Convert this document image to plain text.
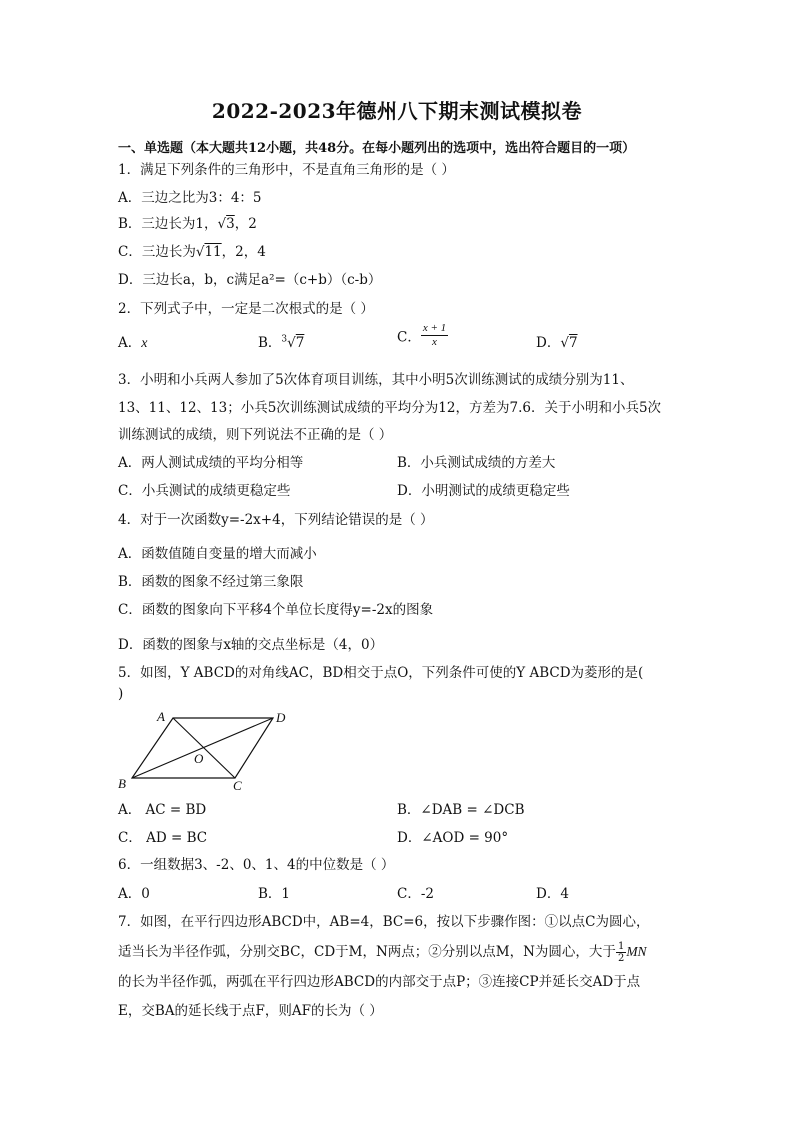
2022-2023年德州八下期末测试模拟卷
一、单选题（本大题共12小题，共48分。在每小题列出的选项中，选出符合题目的一项）
1．满足下列条件的三角形中，不是直角三角形的是（ ）
A．三边之比为3：4：5
B．三边长为1，√3，2
C．三边长为√11，2，4
D．三边长a，b，c满足a²=（c+b）（c-b）
2．下列式子中，一定是二次根式的是（ ）
A．x	B．$^3$√7	C． $\frac{x + 1}{x}$	D．√7
3．小明和小兵两人参加了5次体育项目训练，其中小明5次训练测试的成绩分别为11、
13、11、12、13；小兵5次训练测试成绩的平均分为12，方差为7.6．关于小明和小兵5次
训练测试的成绩，则下列说法不正确的是（ ）
A．两人测试成绩的平均分相等	B．小兵测试成绩的方差大
C．小兵测试的成绩更稳定些	D．小明测试的成绩更稳定些
4．对于一次函数y=-2x+4，下列结论错误的是（ ）
A．函数值随自变量的增大而减小
B．函数的图象不经过第三象限
C．函数的图象向下平移4个单位长度得y=-2x的图象
D．函数的图象与x轴的交点坐标是（4，0）
5．如图，Y ABCD的对角线AC，BD相交于点O，下列条件可使的Y ABCD为菱形的是(
)
A	D
O
B	C
A． AC = BD	B．∠DAB = ∠DCB
C． AD = BC	D．∠AOD = 90°
6．一组数据3、-2、0、1、4的中位数是（ ）
A．0	B．1	C．-2	D．4
7．如图，在平行四边形ABCD中，AB=4，BC=6，按以下步骤作图：①以点C为圆心，
适当长为半径作弧，分别交BC，CD于M，N两点；②分别以点M，N为圆心，大于 $\frac{1}{2}$ MN
的长为半径作弧，两弧在平行四边形ABCD的内部交于点P；③连接CP并延长交AD于点
E，交BA的延长线于点F，则AF的长为（ ）
